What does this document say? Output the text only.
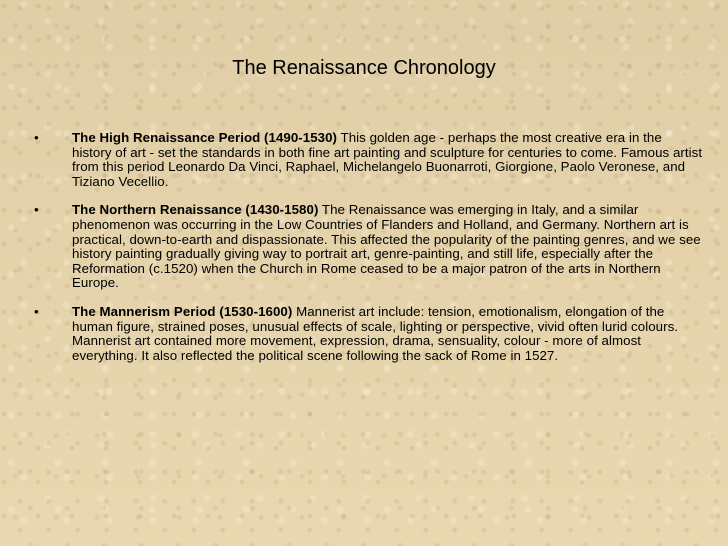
The Renaissance Chronology
•	The High Renaissance Period (1490-1530) This golden age - perhaps the most creative era in the history of art - set the standards in both fine art painting and sculpture for centuries to come. Famous artist from this period Leonardo Da Vinci, Raphael, Michelangelo Buonarroti, Giorgione, Paolo Veronese, and Tiziano Vecellio.
•	The Northern Renaissance (1430-1580) The Renaissance was emerging in Italy, and a similar phenomenon was occurring in the Low Countries of Flanders and Holland, and Germany. Northern art is practical, down-to-earth and dispassionate. This affected the popularity of the painting genres, and we see history painting gradually giving way to portrait art, genre-painting, and still life, especially after the Reformation (c.1520) when the Church in Rome ceased to be a major patron of the arts in Northern Europe.
•	The Mannerism Period (1530-1600) Mannerist art include: tension, emotionalism, elongation of the human figure, strained poses, unusual effects of scale, lighting or perspective, vivid often lurid colours. Mannerist art contained more movement, expression, drama, sensuality, colour - more of almost everything. It also reflected the political scene following the sack of Rome in 1527.
